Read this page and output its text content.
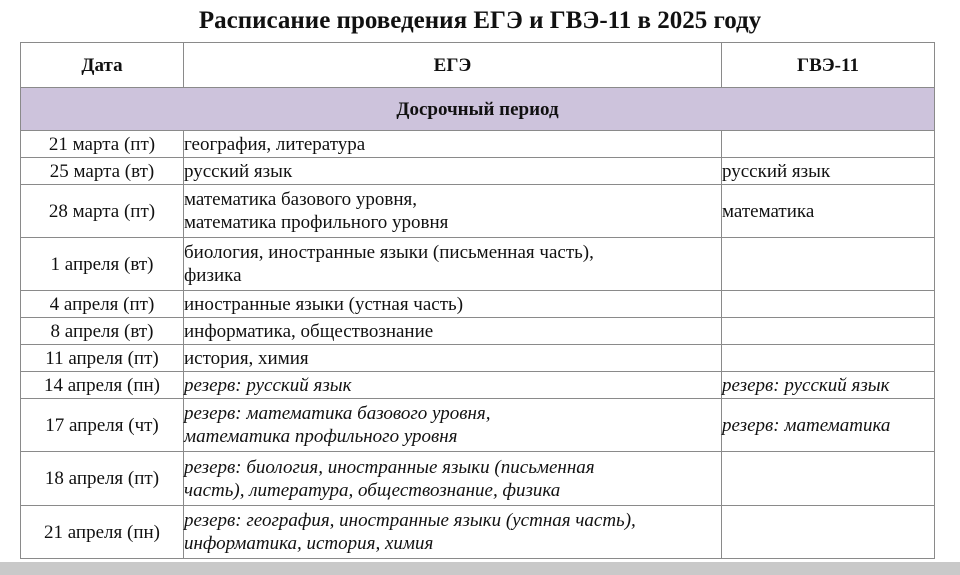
Расписание проведения ЕГЭ и ГВЭ-11 в 2025 году
Дата	ЕГЭ	ГВЭ-11
Досрочный период		
21 марта (пт)	география, литература	
25 марта (вт)	русский язык	русский язык
28 марта (пт)	математика базового уровня,
математика профильного уровня	математика
1 апреля (вт)	биология, иностранные языки (письменная часть),
физика	
4 апреля (пт)	иностранные языки (устная часть)	
8 апреля (вт)	информатика, обществознание	
11 апреля (пт)	история, химия	
14 апреля (пн)	резерв: русский язык	резерв: русский язык
17 апреля (чт)	резерв: математика базового уровня,
математика профильного уровня	резерв: математика
18 апреля (пт)	резерв: биология, иностранные языки (письменная
часть), литература, обществознание, физика	
21 апреля (пн)	резерв: география, иностранные языки (устная часть),
информатика, история, химия	
